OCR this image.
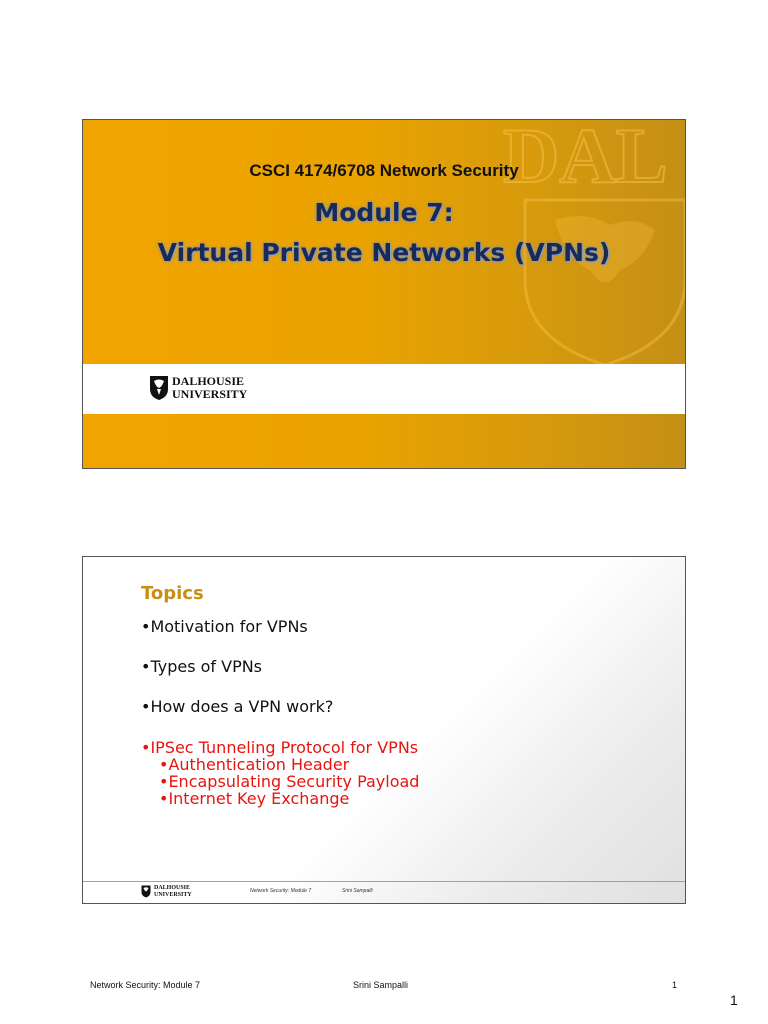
DAL
CSCI 4174/6708 Network Security
Module 7:
Virtual Private Networks (VPNs)
DALHOUSIE
UNIVERSITY
Topics
•Motivation for VPNs
•Types of VPNs
•How does a VPN work?
•IPSec Tunneling Protocol for VPNs
•Authentication Header
•Encapsulating Security Payload
•Internet Key Exchange
DALHOUSIE
UNIVERSITY
Network Security: Module 7	Srini Sampalli
Network Security: Module 7	Srini Sampalli	1
1
